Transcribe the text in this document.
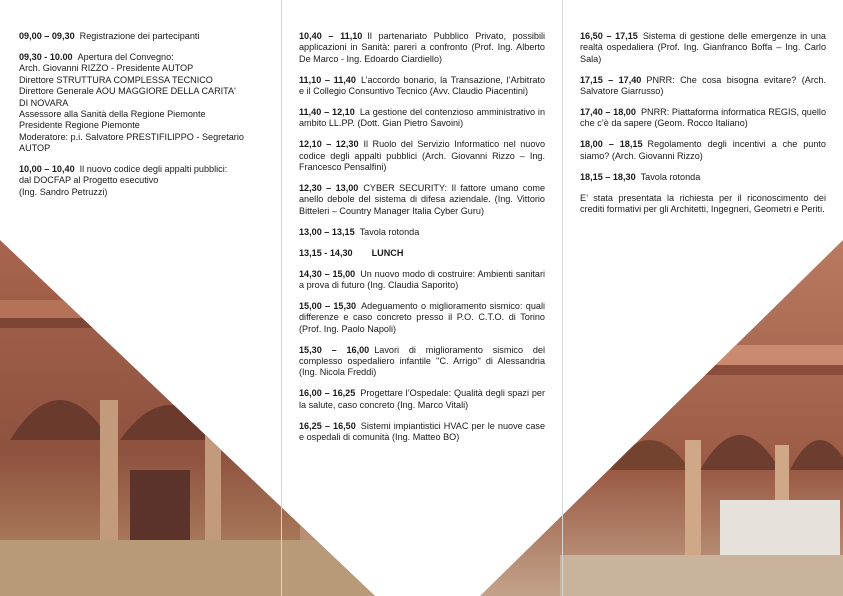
09,00 – 09,30 Registrazione dei partecipanti
09,30 - 10.00 Apertura del Convegno:
Arch. Giovanni RIZZO - Presidente AUTOP
Direttore STRUTTURA COMPLESSA TECNICO
Direttore Generale AOU MAGGIORE DELLA CARITA'
DI NOVARA
Assessore alla Sanità della Regione Piemonte
Presidente Regione Piemonte
Moderatore: p.i. Salvatore PRESTIFILIPPO - Segretario
AUTOP
10,00 – 10,40 Il nuovo codice degli appalti pubblici:
dal DOCFAP al Progetto esecutivo
(Ing. Sandro Petruzzi)
10,40 – 11,10 Il partenariato Pubblico Privato, possibili applicazioni in Sanità: pareri a confronto (Prof. Ing. Alberto De Marco - Ing. Edoardo Ciardiello)
11,10 – 11,40 L’accordo bonario, la Transazione, l’Arbitrato e il Collegio Consuntivo Tecnico (Avv. Claudio Piacentini)
11,40 – 12,10 La gestione del contenzioso amministrativo in ambito LL.PP. (Dott. Gian Pietro Savoini)
12,10 – 12,30 Il Ruolo del Servizio Informatico nel nuovo codice degli appalti pubblici (Arch. Giovanni Rizzo – Ing. Francesco Pensalfini)
12,30 – 13,00 CYBER SECURITY: Il fattore umano come anello debole del sistema di difesa aziendale. (Ing. Vittorio Bitteleri – Country Manager Italia Cyber Guru)
13,00 – 13,15 Tavola rotonda
13,15 - 14,30 LUNCH
14,30 – 15,00 Un nuovo modo di costruire: Ambienti sanitari a prova di futuro (Ing. Claudia Saporito)
15,00 – 15,30 Adeguamento o miglioramento sismico: quali differenze e caso concreto presso il P.O. C.T.O. di Torino (Prof. Ing. Paolo Napoli)
15,30 – 16,00 Lavori di miglioramento sismico del complesso ospedaliero infantile ''C. Arrigo'' di Alessandria (Ing. Nicola Freddi)
16,00 – 16,25 Progettare l’Ospedale: Qualità degli spazi per la salute, caso concreto (Ing. Marco Vitali)
16,25 – 16,50 Sistemi impiantistici HVAC per le nuove case e ospedali di comunità (Ing. Matteo BO)
16,50 – 17,15 Sistema di gestione delle emergenze in una realtà ospedaliera (Prof. Ing. Gianfranco Boffa – Ing. Carlo Sala)
17,15 – 17,40 PNRR: Che cosa bisogna evitare? (Arch. Salvatore Giarrusso)
17,40 – 18,00 PNRR: Piattaforma informatica REGIS, quello che c’è da sapere (Geom. Rocco Italiano)
18,00 – 18,15 Regolamento degli incentivi a che punto siamo? (Arch. Giovanni Rizzo)
18,15 – 18,30 Tavola rotonda
E’ stata presentata la richiesta per il riconoscimento dei crediti formativi per gli Architetti, Ingegneri, Geometri e Periti.
